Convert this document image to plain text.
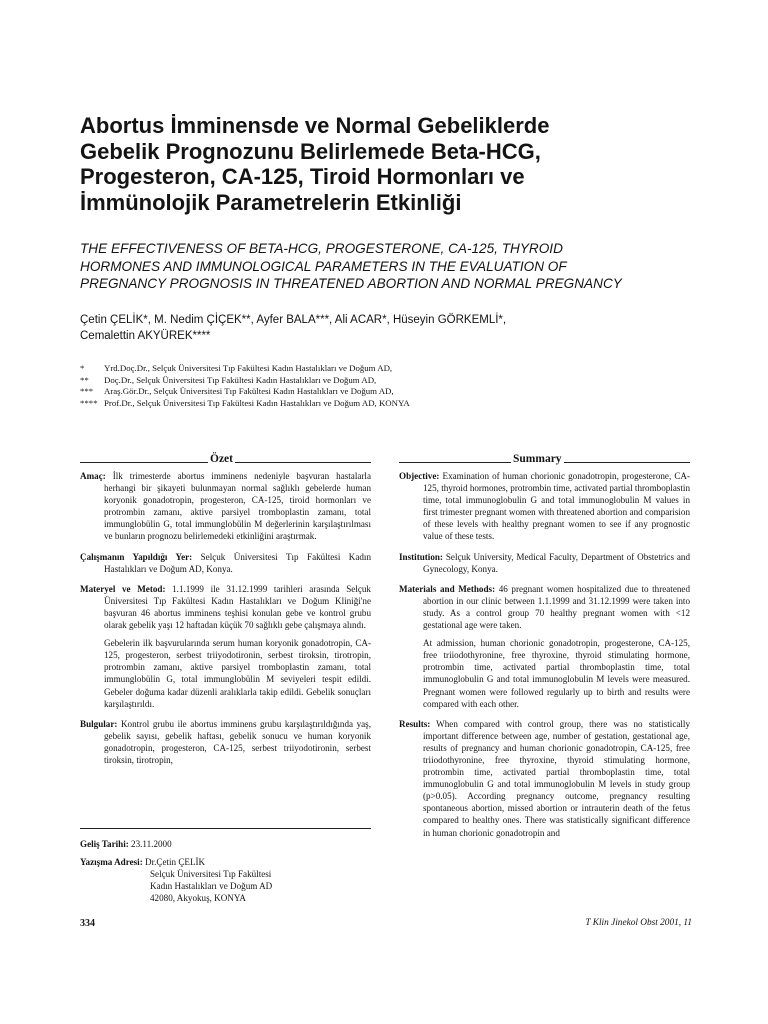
Abortus İmminensde ve Normal Gebeliklerde
Gebelik Prognozunu Belirlemede Beta-HCG,
Progesteron, CA-125, Tiroid Hormonları ve
İmmünolojik Parametrelerin Etkinliği
THE EFFECTIVENESS OF BETA-HCG, PROGESTERONE, CA-125, THYROID
HORMONES AND IMMUNOLOGICAL PARAMETERS IN THE EVALUATION OF
PREGNANCY PROGNOSIS IN THREATENED ABORTION AND NORMAL PREGNANCY
Çetin ÇELİK*, M. Nedim ÇİÇEK**, Ayfer BALA***, Ali ACAR*, Hüseyin GÖRKEMLİ*,
Cemalettin AKYÜREK****
*	Yrd.Doç.Dr., Selçuk Üniversitesi Tıp Fakültesi Kadın Hastalıkları ve Doğum AD,
**	Doç.Dr., Selçuk Üniversitesi Tıp Fakültesi Kadın Hastalıkları ve Doğum AD,
***	Araş.Gör.Dr., Selçuk Üniversitesi Tıp Fakültesi Kadın Hastalıkları ve Doğum AD,
**** Prof.Dr., Selçuk Üniversitesi Tıp Fakültesi Kadın Hastalıkları ve Doğum AD, KONYA
Özet

Amaç: İlk trimesterde abortus imminens nedeniyle başvuran hastalarla herhangi bir şikayeti bulunmayan normal sağlıklı gebelerde human koryonik gonadotropin, progesteron, CA-125, tiroid hormonları ve protrombin zamanı, aktive parsiyel tromboplastin zamanı, total immunglobülin G, total immunglobülin M değerlerinin karşılaştırılması ve bunların prognozu belirlemedeki etkinliğini araştırmak.

Çalışmanın Yapıldığı Yer: Selçuk Üniversitesi Tıp Fakültesi Kadın Hastalıkları ve Doğum AD, Konya.

Materyel ve Metod: 1.1.1999 ile 31.12.1999 tarihleri arasında Selçuk Üniversitesi Tıp Fakültesi Kadın Hastalıkları ve Doğum Kliniği'ne başvuran 46 abortus imminens teşhisi konulan gebe ve kontrol grubu olarak gebelik yaşı 12 haftadan küçük 70 sağlıklı gebe çalışmaya alındı.

Gebelerin ilk başvurularında serum human koryonik gonadotropin, CA-125, progesteron, serbest triiyodotironin, serbest tiroksin, tirotropin, protrombin zamanı, aktive parsiyel tromboplastin zamanı, total immunglobülin G, total immunglobülin M seviyeleri tespit edildi. Gebeler doğuma kadar düzenli aralıklarla takip edildi. Gebelik sonuçları karşılaştırıldı.

Bulgular: Kontrol grubu ile abortus imminens grubu karşılaştırıldığında yaş, gebelik sayısı, gebelik haftası, gebelik sonucu ve human koryonik gonadotropin, progesteron, CA-125, serbest triiyodotironin, serbest tiroksin, tirotropin,

Geliş Tarihi: 23.11.2000
Yazışma Adresi: Dr.Çetin ÇELİK
Selçuk Üniversitesi Tıp Fakültesi
Kadın Hastalıkları ve Doğum AD
42080, Akyokuş, KONYA
Summary

Objective: Examination of human chorionic gonadotropin, progesterone, CA-125, thyroid hormones, protrombin time, activated partial thromboplastin time, total immunoglobulin G and total immunoglobulin M values in first trimester pregnant women with threatened abortion and comparision of these levels with healthy pregnant women to see if any prognostic value of these tests.

Institution: Selçuk University, Medical Faculty, Department of Obstetrics and Gynecology, Konya.

Materials and Methods: 46 pregnant women hospitalized due to threatened abortion in our clinic between 1.1.1999 and 31.12.1999 were taken into study. As a control group 70 healthy pregnant women with <12 gestational age were taken.

At admission, human chorionic gonadotropin, progesterone, CA-125, free triiodothyronine, free thyroxine, thyroid stimulating hormone, protrombin time, activated partial thromboplastin time, total immunoglobulin G and total immunoglobulin M levels were measured. Pregnant women were followed regularly up to birth and results were compared with each other.

Results: When compared with control group, there was no statistically important difference between age, number of gestation, gestational age, results of pregnancy and human chorionic gonadotropin, CA-125, free triiodothyronine, free thyroxine, thyroid stimulating hormone, protrombin time, activated partial thromboplastin time, total immunoglobulin G and total immunoglobulin M levels in study group (p>0.05). According pregnancy outcome, pregnancy resulting spontaneous abortion, missed abortion or intrauterin death of the fetus compared to healthy ones. There was statistically significant difference in human chorionic gonadotropin and

334	T Klin Jinekol Obst 2001, 11
